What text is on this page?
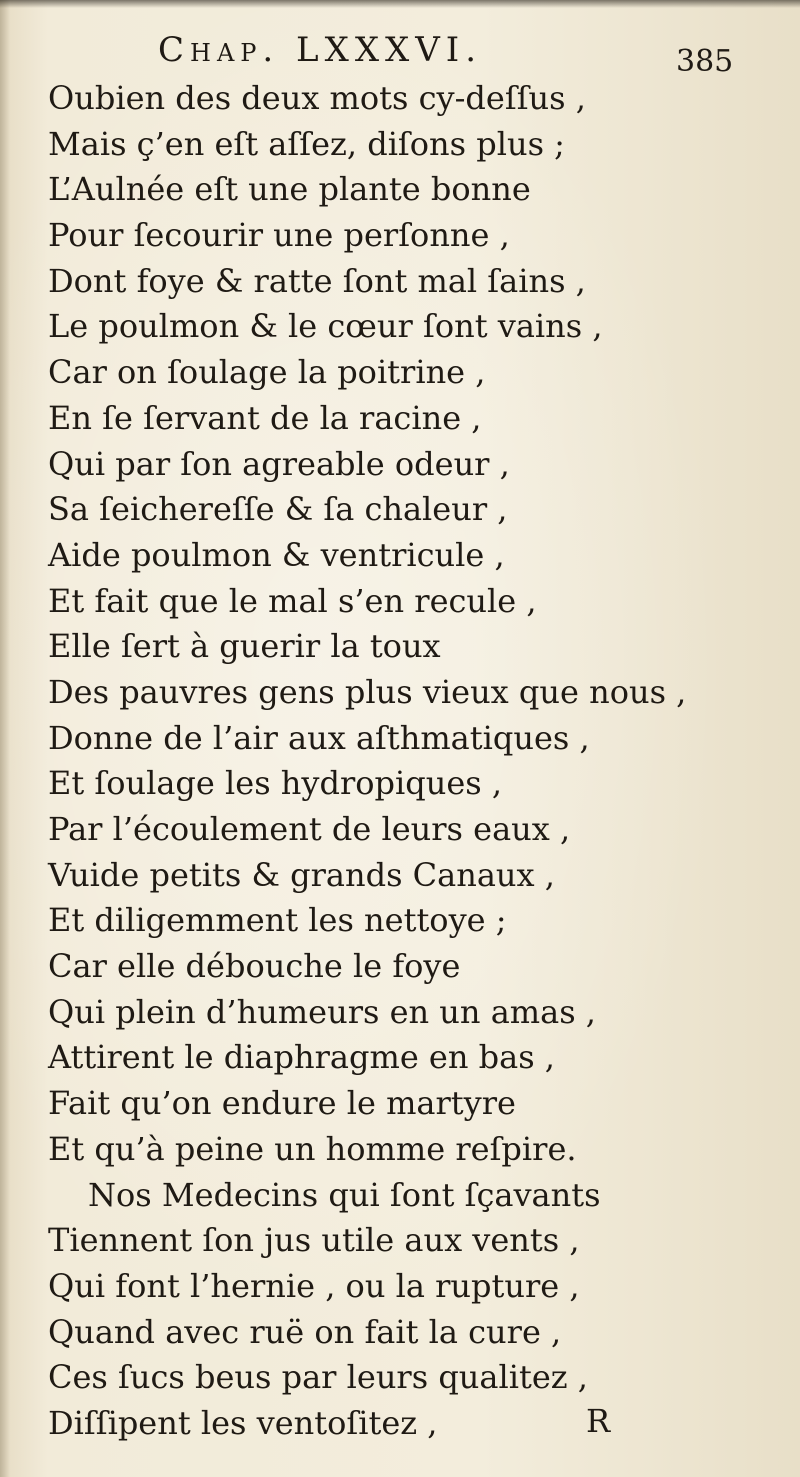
Chap. LXXXVI.	385
Oubien des deux mots cy-deſſus ,
Mais ç’en eſt aſſez, diſons plus ;
L’Aulnée eſt une plante bonne
Pour ſecourir une perſonne ,
Dont foye & ratte ſont mal ſains ,
Le poulmon & le cœur ſont vains ,
Car on ſoulage la poitrine ,
En ſe ſervant de la racine ,
Qui par ſon agreable odeur ,
Sa ſeichereſſe & ſa chaleur ,
Aide poulmon & ventricule ,
Et fait que le mal s’en recule ,
Elle ſert à guerir la toux
Des pauvres gens plus vieux que nous ,
Donne de l’air aux aſthmatiques ,
Et ſoulage les hydropiques ,
Par l’écoulement de leurs eaux ,
Vuide petits & grands Canaux ,
Et diligemment les nettoye ;
Car elle débouche le foye
Qui plein d’humeurs en un amas ,
Attirent le diaphragme en bas ,
Fait qu’on endure le martyre
Et qu’à peine un homme reſpire.
Nos Medecins qui ſont ſçavants
Tiennent ſon jus utile aux vents ,
Qui font l’hernie , ou la rupture ,
Quand avec ruë on fait la cure ,
Ces ſucs beus par leurs qualitez ,
Diſſipent les ventoſitez ,	R
